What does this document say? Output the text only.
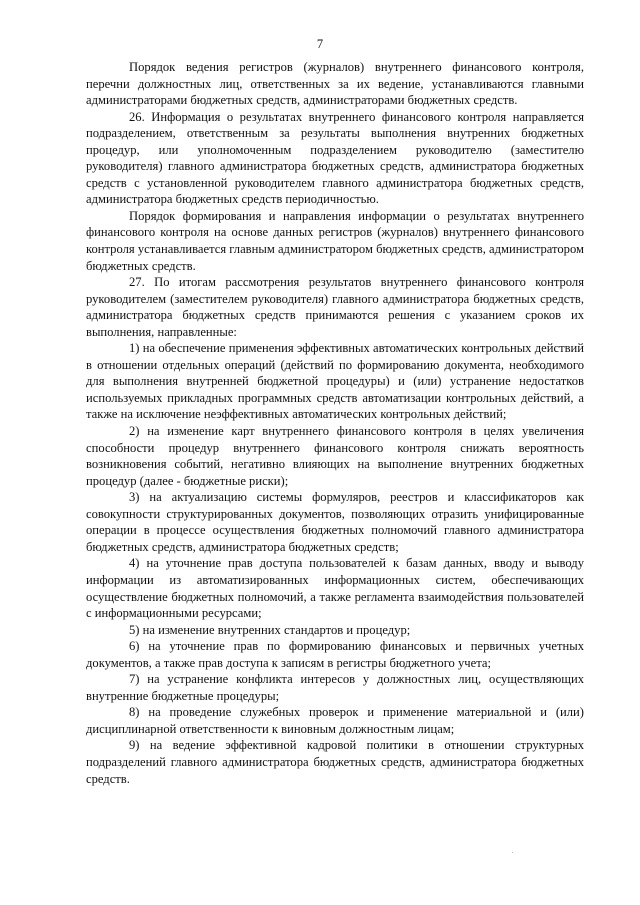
7

Порядок ведения регистров (журналов) внутреннего финансового контроля, перечни должностных лиц, ответственных за их ведение, устанавливаются главными администраторами бюджетных средств, администраторами бюджетных средств.

26. Информация о результатах внутреннего финансового контроля направляется подразделением, ответственным за результаты выполнения внутренних бюджетных процедур, или уполномоченным подразделением руководителю (заместителю руководителя) главного администратора бюджетных средств, администратора бюджетных средств с установленной руководителем главного администратора бюджетных средств, администратора бюджетных средств периодичностью.

Порядок формирования и направления информации о результатах внутреннего финансового контроля на основе данных регистров (журналов) внутреннего финансового контроля устанавливается главным администратором бюджетных средств, администратором бюджетных средств.

27. По итогам рассмотрения результатов внутреннего финансового контроля руководителем (заместителем руководителя) главного администратора бюджетных средств, администратора бюджетных средств принимаются решения с указанием сроков их выполнения, направленные:

1) на обеспечение применения эффективных автоматических контрольных действий в отношении отдельных операций (действий по формированию документа, необходимого для выполнения внутренней бюджетной процедуры) и (или) устранение недостатков используемых прикладных программных средств автоматизации контрольных действий, а также на исключение неэффективных автоматических контрольных действий;

2) на изменение карт внутреннего финансового контроля в целях увеличения способности процедур внутреннего финансового контроля снижать вероятность возникновения событий, негативно влияющих на выполнение внутренних бюджетных процедур (далее - бюджетные риски);

3) на актуализацию системы формуляров, реестров и классификаторов как совокупности структурированных документов, позволяющих отразить унифицированные операции в процессе осуществления бюджетных полномочий главного администратора бюджетных средств, администратора бюджетных средств;

4) на уточнение прав доступа пользователей к базам данных, вводу и выводу информации из автоматизированных информационных систем, обеспечивающих осуществление бюджетных полномочий, а также регламента взаимодействия пользователей с информационными ресурсами;

5) на изменение внутренних стандартов и процедур;

6) на уточнение прав по формированию финансовых и первичных учетных документов, а также прав доступа к записям в регистры бюджетного учета;

7) на устранение конфликта интересов у должностных лиц, осуществляющих внутренние бюджетные процедуры;

8) на проведение служебных проверок и применение материальной и (или) дисциплинарной ответственности к виновным должностным лицам;

9) на ведение эффективной кадровой политики в отношении структурных подразделений главного администратора бюджетных средств, администратора бюджетных средств.
